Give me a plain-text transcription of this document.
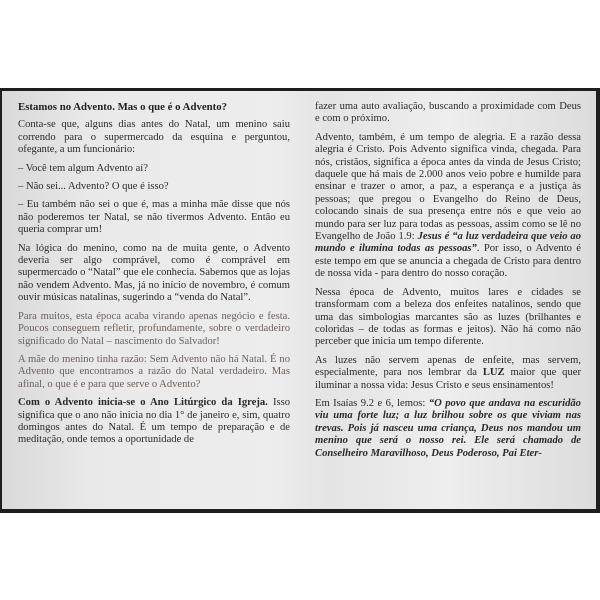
Estamos no Advento. Mas o que é o Advento?

Conta-se que, alguns dias antes do Natal, um menino saiu correndo para o supermercado da esquina e perguntou, ofegante, a um funcionário:

– Você tem algum Advento aí?

– Não sei... Advento? O que é isso?

– Eu também não sei o que é, mas a minha mãe disse que nós não poderemos ter Natal, se não tivermos Advento. Então eu queria comprar um!

Na lógica do menino, como na de muita gente, o Advento deveria ser algo comprável, como é comprável em supermercado o “Natal” que ele conhecia. Sabemos que as lojas não vendem Advento. Mas, já no início de novembro, é comum ouvir músicas natalinas, sugerindo a “venda do Natal”.

Para muitos, esta época acaba virando apenas negócio e festa. Poucos conseguem refletir, profundamente, sobre o verdadeiro significado do Natal – nascimento do Salvador!

A mãe do menino tinha razão: Sem Advento não há Natal. É no Advento que encontramos a razão do Natal verdadeiro. Mas afinal, o que é e para que serve o Advento?

Com o Advento inicia-se o Ano Litúrgico da Igreja. Isso significa que o ano não inicia no dia 1° de janeiro e, sim, quatro domingos antes do Natal. É um tempo de preparação e de meditação, onde temos a oportunidade de

fazer uma auto avaliação, buscando a proximidade com Deus e com o próximo.

Advento, também, é um tempo de alegria. E a razão dessa alegria é Cristo. Pois Advento significa vinda, chegada. Para nós, cristãos, significa a época antes da vinda de Jesus Cristo; daquele que há mais de 2.000 anos veio pobre e humilde para ensinar e trazer o amor, a paz, a esperança e a justiça às pessoas; que pregou o Evangelho do Reino de Deus, colocando sinais de sua presença entre nós e que veio ao mundo para ser luz para todas as pessoas, assim como se lê no Evangelho de João 1.9: Jesus é “a luz verdadeira que veio ao mundo e ilumina todas as pessoas”. Por isso, o Advento é este tempo em que se anuncia a chegada de Cristo para dentro de nossa vida - para dentro do nosso coração.

Nessa época de Advento, muitos lares e cidades se transformam com a beleza dos enfeites natalinos, sendo que uma das simbologias marcantes são as luzes (brilhantes e coloridas – de todas as formas e jeitos). Não há como não perceber que inicia um tempo diferente.

As luzes não servem apenas de enfeite, mas servem, especialmente, para nos lembrar da LUZ maior que quer iluminar a nossa vida: Jesus Cristo e seus ensinamentos!

Em Isaías 9.2 e 6, lemos: “O povo que andava na escuridão viu uma forte luz; a luz brilhou sobre os que viviam nas trevas. Pois já nasceu uma criança, Deus nos mandou um menino que será o nosso rei. Ele será chamado de Conselheiro Maravilhoso, Deus Poderoso, Pai Eter-
